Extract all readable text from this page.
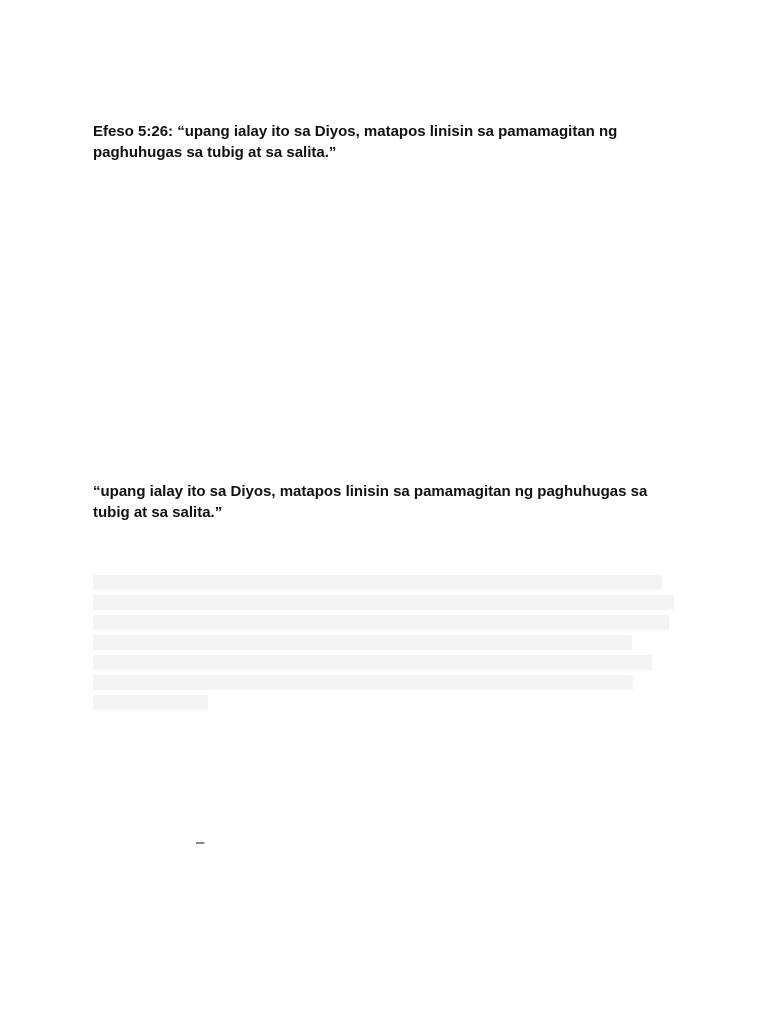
Efeso 5:26: “upang ialay ito sa Diyos, matapos linisin sa pamamagitan ng paghuhugas sa tubig at sa salita.”

“upang ialay ito sa Diyos, matapos linisin sa pamamagitan ng paghuhugas sa tubig at sa salita.”

–
